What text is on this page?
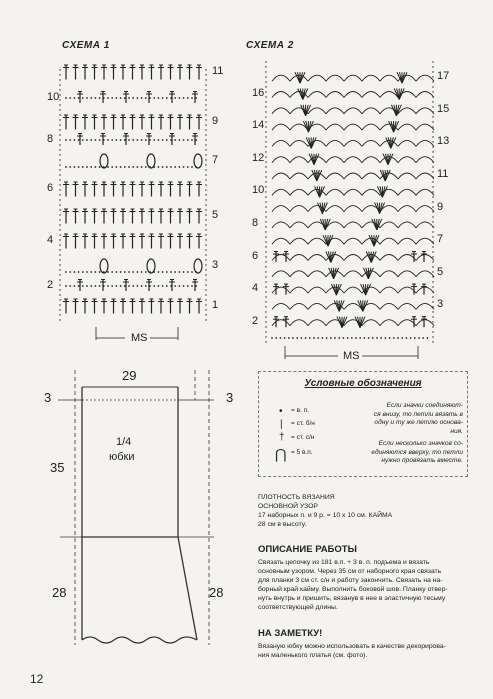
СХЕМА 1
MS
11
9
7
5
3
1
10
8
6
4
2
СХЕМА 2
MS
17
15
13
11
9
7
5
3
16
14
12
10
8
6
4
2
29
3	3
1/4
юбки
35
28	28
Условные обозначения
• = в. п.
| = ст. б/н
† = ст. с/н
⋂ = 5 в.п.
Если значки соединяют-
ся внизу, то петли вязать в
одну и ту же петлю основа-
ния.
Если несколько значков со-
единяются вверху, то петли
нужно провязать вместе.
ПЛОТНОСТЬ ВЯЗАНИЯ
ОСНОВНОЙ УЗОР
17 наборных п. и 9 р. = 10 х 10 см. КАЙМА
28 см в высоту.
ОПИСАНИЕ РАБОТЫ
Связать цепочку из 181 в.п. + 3 в. п. подъема и вязать
основным узором. Через 35 см от наборного края связать
для планки 3 см ст. с/н и работу закончить. Связать на на-
борный край кайму. Выполнить боковой шов. Планку отвер-
нуть внутрь и пришить, вязанув в нее в эластичную тесьму
соответствующей длины.
НА ЗАМЕТКУ!
Вязаную юбку можно использовать в качестве декорирова-
ния маленького платья (см. фото).
12
